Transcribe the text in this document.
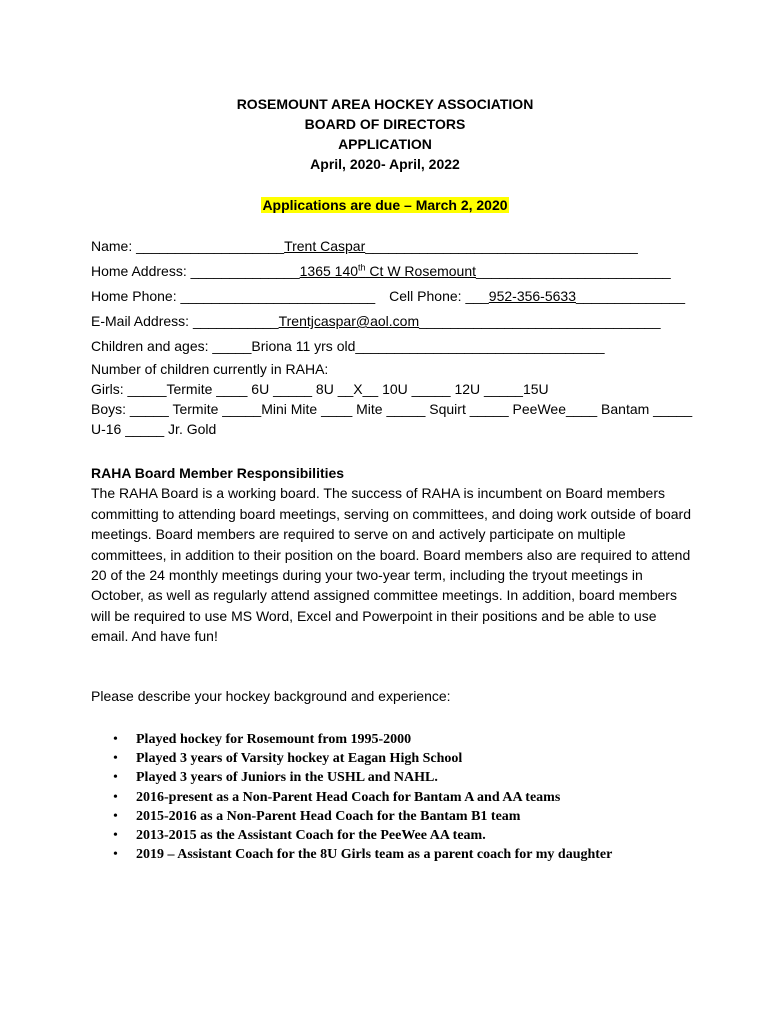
ROSEMOUNT AREA HOCKEY ASSOCIATION
BOARD OF DIRECTORS
APPLICATION
April, 2020- April, 2022
Applications are due – March 2, 2020
Name: ___________________Trent Caspar___________________________________
Home Address: ______________1365 140th Ct W Rosemount_________________________
Home Phone: _________________________ Cell Phone: ___952-356-5633______________
E-Mail Address: ___________Trentjcaspar@aol.com_______________________________
Children and ages: _____Briona 11 yrs old________________________________
Number of children currently in RAHA:
Girls: _____Termite ____ 6U _____ 8U __X__ 10U _____ 12U _____15U
Boys: _____ Termite _____Mini Mite ____ Mite _____ Squirt _____ PeeWee____ Bantam _____
U-16 _____ Jr. Gold
RAHA Board Member Responsibilities
The RAHA Board is a working board. The success of RAHA is incumbent on Board members committing to attending board meetings, serving on committees, and doing work outside of board meetings. Board members are required to serve on and actively participate on multiple committees, in addition to their position on the board. Board members also are required to attend 20 of the 24 monthly meetings during your two-year term, including the tryout meetings in October, as well as regularly attend assigned committee meetings. In addition, board members will be required to use MS Word, Excel and Powerpoint in their positions and be able to use email. And have fun!
Please describe your hockey background and experience:
• Played hockey for Rosemount from 1995-2000
• Played 3 years of Varsity hockey at Eagan High School
• Played 3 years of Juniors in the USHL and NAHL.
• 2016-present as a Non-Parent Head Coach for Bantam A and AA teams
• 2015-2016 as a Non-Parent Head Coach for the Bantam B1 team
• 2013-2015 as the Assistant Coach for the PeeWee AA team.
• 2019 – Assistant Coach for the 8U Girls team as a parent coach for my daughter
